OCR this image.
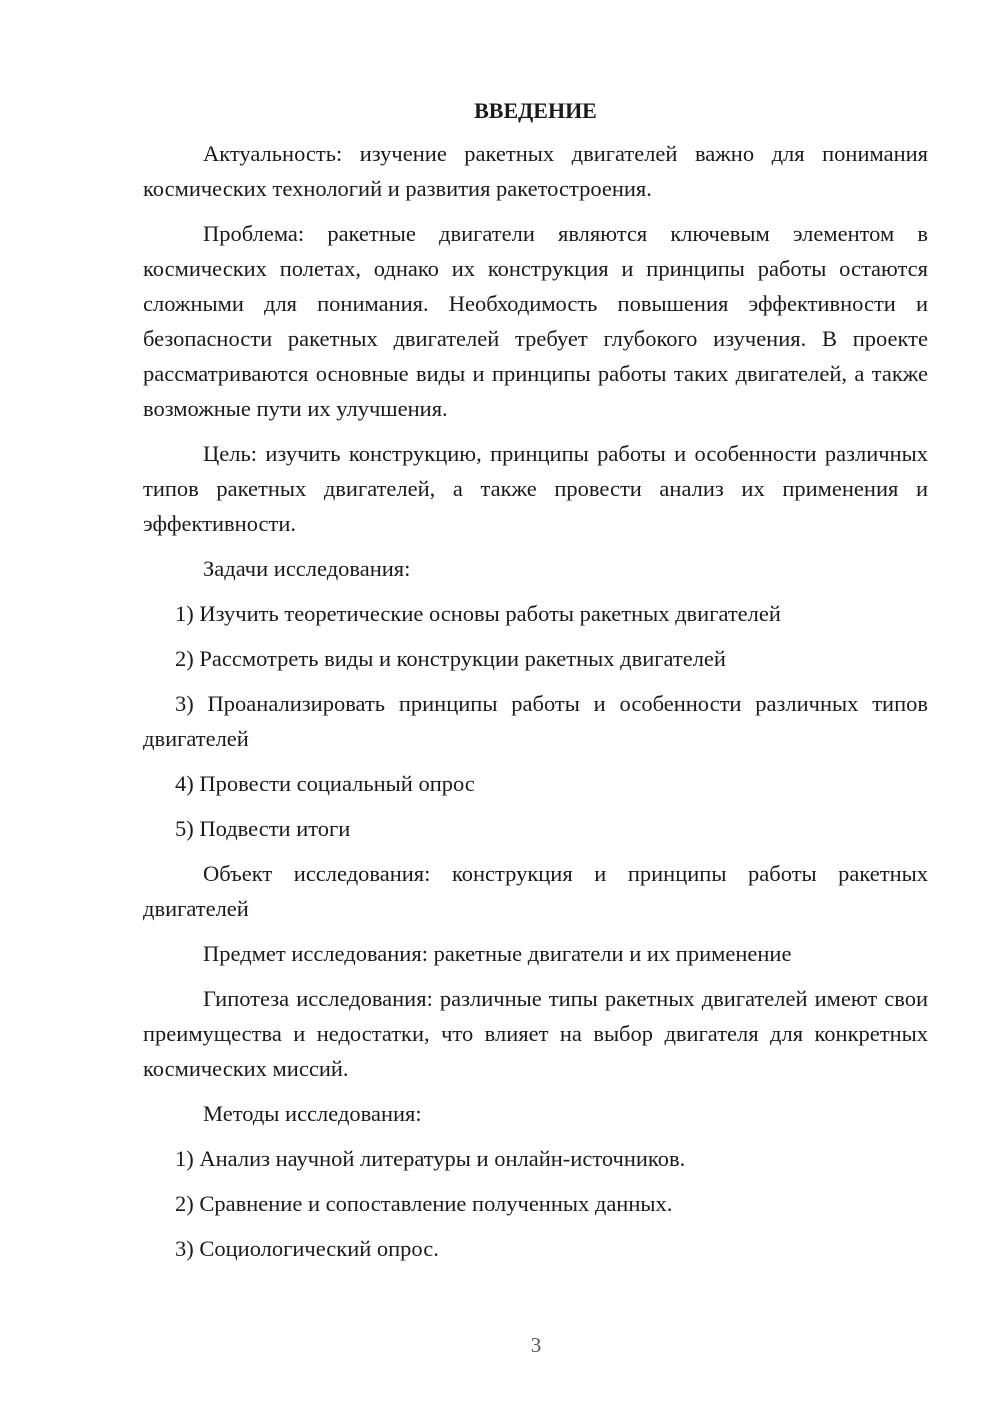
ВВЕДЕНИЕ
Актуальность: изучение ракетных двигателей важно для понимания космических технологий и развития ракетостроения.
Проблема: ракетные двигатели являются ключевым элементом в космических полетах, однако их конструкция и принципы работы остаются сложными для понимания. Необходимость повышения эффективности и безопасности ракетных двигателей требует глубокого изучения. В проекте рассматриваются основные виды и принципы работы таких двигателей, а также возможные пути их улучшения.
Цель: изучить конструкцию, принципы работы и особенности различных типов ракетных двигателей, а также провести анализ их применения и эффективности.
Задачи исследования:
1) Изучить теоретические основы работы ракетных двигателей
2) Рассмотреть виды и конструкции ракетных двигателей
3) Проанализировать принципы работы и особенности различных типов двигателей
4) Провести социальный опрос
5) Подвести итоги
Объект исследования: конструкция и принципы работы ракетных двигателей
Предмет исследования: ракетные двигатели и их применение
Гипотеза исследования: различные типы ракетных двигателей имеют свои преимущества и недостатки, что влияет на выбор двигателя для конкретных космических миссий.
Методы исследования:
1) Анализ научной литературы и онлайн-источников.
2) Сравнение и сопоставление полученных данных.
3) Социологический опрос.
3
